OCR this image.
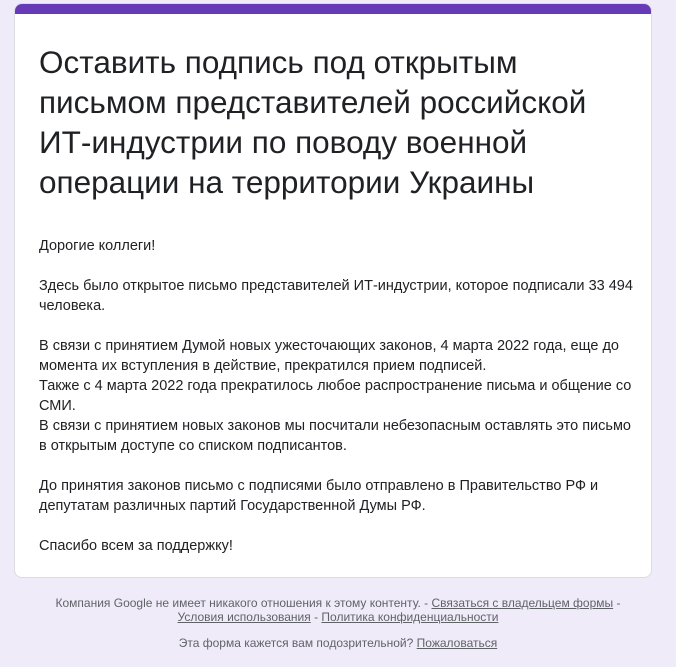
Оставить подпись под открытым письмом представителей российской ИТ-индустрии по поводу военной операции на территории Украины

Дорогие коллеги!

Здесь было открытое письмо представителей ИТ-индустрии, которое подписали 33 494 человека.

В связи с принятием Думой новых ужесточающих законов, 4 марта 2022 года, еще до момента их вступления в действие, прекратился прием подписей.
Также с 4 марта 2022 года прекратилось любое распространение письма и общение со СМИ.
В связи с принятием новых законов мы посчитали небезопасным оставлять это письмо в открытым доступе со списком подписантов.

До принятия законов письмо с подписями было отправлено в Правительство РФ и депутатам различных партий Государственной Думы РФ.

Спасибо всем за поддержку!

Компания Google не имеет никакого отношения к этому контенту. - Связаться с владельцем формы -
Условия использования - Политика конфиденциальности
Эта форма кажется вам подозрительной? Пожаловаться
